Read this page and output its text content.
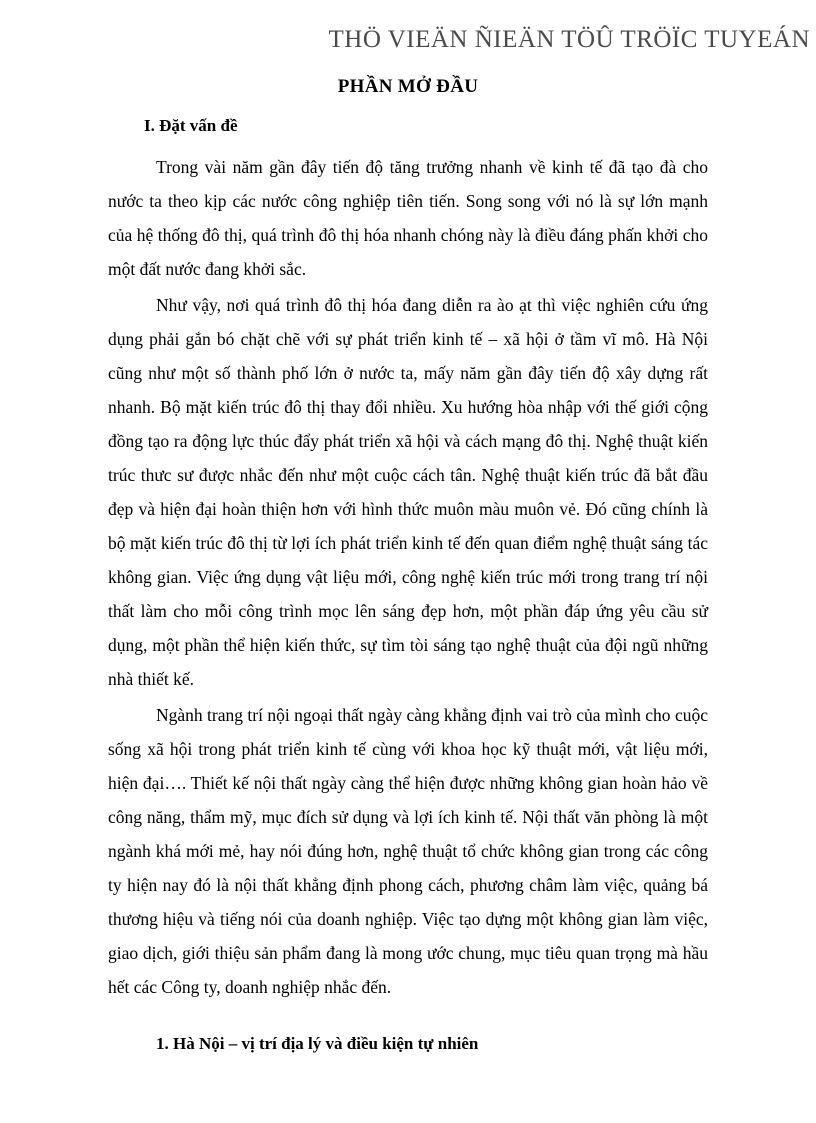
THÖ VIEÄN ÑIEÄN TÖÛ TRÖÏC TUYEÁN
PHẦN MỞ ĐẦU
I. Đặt vấn đề

Trong vài năm gần đây tiến độ tăng trưởng nhanh về kinh tế đã tạo đà cho nước ta theo kịp các nước công nghiệp tiên tiến. Song song với nó là sự lớn mạnh của hệ thống đô thị, quá trình đô thị hóa nhanh chóng này là điều đáng phấn khởi cho một đất nước đang khởi sắc.

Như vậy, nơi quá trình đô thị hóa đang diễn ra ào ạt thì việc nghiên cứu ứng dụng phải gắn bó chặt chẽ với sự phát triển kinh tế – xã hội ở tầm vĩ mô. Hà Nội cũng như một số thành phố lớn ở nước ta, mấy năm gần đây tiến độ xây dựng rất nhanh. Bộ mặt kiến trúc đô thị thay đổi nhiều. Xu hướng hòa nhập với thế giới cộng đồng tạo ra động lực thúc đẩy phát triển xã hội và cách mạng đô thị. Nghệ thuật kiến trúc thưc sư được nhắc đến như một cuộc cách tân. Nghệ thuật kiến trúc đã bắt đầu đẹp và hiện đại hoàn thiện hơn với hình thức muôn màu muôn vẻ. Đó cũng chính là bộ mặt kiến trúc đô thị từ lợi ích phát triển kinh tế đến quan điểm nghệ thuật sáng tác không gian. Việc ứng dụng vật liệu mới, công nghệ kiến trúc mới trong trang trí nội thất làm cho mỗi công trình mọc lên sáng đẹp hơn, một phần đáp ứng yêu cầu sử dụng, một phần thể hiện kiến thức, sự tìm tòi sáng tạo nghệ thuật của đội ngũ những nhà thiết kế.

Ngành trang trí nội ngoại thất ngày càng khẳng định vai trò của mình cho cuộc sống xã hội trong phát triển kinh tế cùng với khoa học kỹ thuật mới, vật liệu mới, hiện đại…. Thiết kế nội thất ngày càng thể hiện được những không gian hoàn hảo về công năng, thẩm mỹ, mục đích sử dụng và lợi ích kinh tế. Nội thất văn phòng là một ngành khá mới mẻ, hay nói đúng hơn, nghệ thuật tổ chức không gian trong các công ty hiện nay đó là nội thất khẳng định phong cách, phương châm làm việc, quảng bá thương hiệu và tiếng nói của doanh nghiệp. Việc tạo dựng một không gian làm việc, giao dịch, giới thiệu sản phẩm đang là mong ước chung, mục tiêu quan trọng mà hầu hết các Công ty, doanh nghiệp nhắc đến.

1. Hà Nội – vị trí địa lý và điều kiện tự nhiên
